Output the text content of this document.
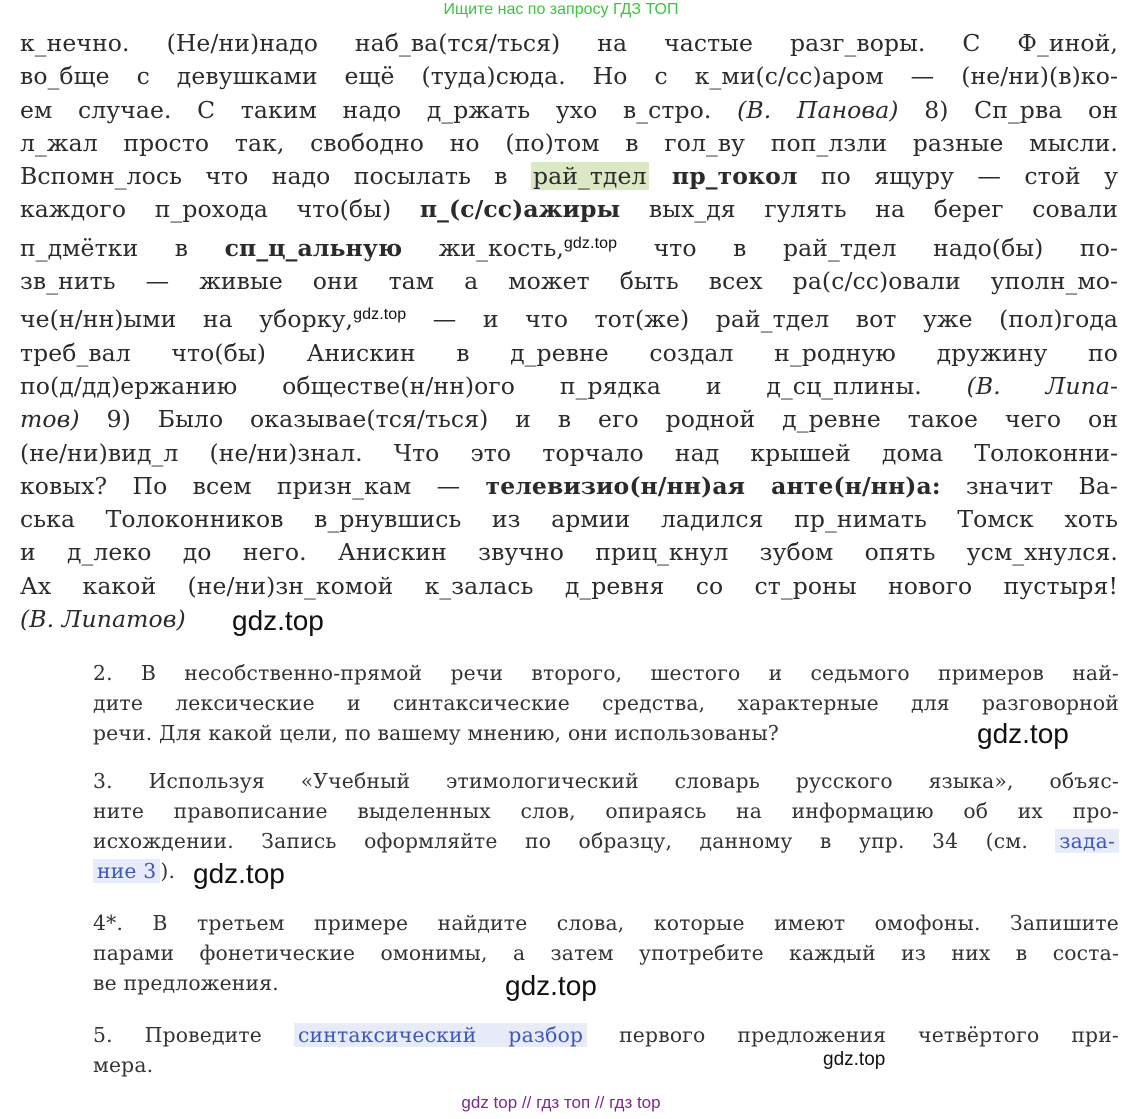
Ищите нас по запросу ГДЗ ТОП
к_нечно. (Не/ни)надо наб_ва(тся/ться) на частые разг_воры. С Ф_иной,
во_бще с девушками ещё (туда)сюда. Но с к_ми(с/сс)аром — (не/ни)(в)ко-
ем случае. С таким надо д_ржать ухо в_стро. (В. Панова) 8) Сп_рва он
л_жал просто так, свободно но (по)том в гол_ву поп_лзли разные мысли.
Вспомн_лось что надо посылать в рай_тдел пр_токол по ящуру — стой у
каждого п_рохода что(бы) п_(с/сс)ажиры вых_дя гулять на берег совали
п_дмётки в сп_ц_альную жи_кость,$^{gdz.top}$ что в рай_тдел надо(бы) по-
зв_нить — живые они там а может быть всех ра(с/сс)овали уполн_мо-
че(н/нн)ыми на уборку,$^{gdz.top}$ — и что тот(же) рай_тдел вот уже (пол)года
треб_вал что(бы) Анискин в д_ревне создал н_родную дружину по
по(д/дд)ержанию обществе(н/нн)ого п_рядка и д_сц_плины. (В. Липа-
тов) 9) Было оказывае(тся/ться) и в его родной д_ревне такое чего он
(не/ни)вид_л (не/ни)знал. Что это торчало над крышей дома Толоконни-
ковых? По всем призн_кам — телевизио(н/нн)ая анте(н/нн)а: значит Ва-
ська Толоконников в_рнувшись из армии ладился пр_нимать Томск хоть
и д_леко до него. Анискин звучно приц_кнул зубом опять усм_хнулся.
Ах какой (не/ни)зн_комой к_залась д_ревня со ст_роны нового пустыря!
(В. Липатов)	gdz.top
2. В несобственно-прямой речи второго, шестого и седьмого примеров най-
дите лексические и синтаксические средства, характерные для разговорной
речи. Для какой цели, по вашему мнению, они использованы?	gdz.top
3. Используя «Учебный этимологический словарь русского языка», объяс-
ните правописание выделенных слов, опираясь на информацию об их про-
исхождении. Запись оформляйте по образцу, данному в упр. 34 (см. зада-
ние 3 ). gdz.top
4*. В третьем примере найдите слова, которые имеют омофоны. Запишите
парами фонетические омонимы, а затем употребите каждый из них в соста-
ве предложения.	gdz.top
5. Проведите синтаксический разбор первого предложения четвёртого при-
мера.	gdz.top
gdz top // гдз топ // гдз top
